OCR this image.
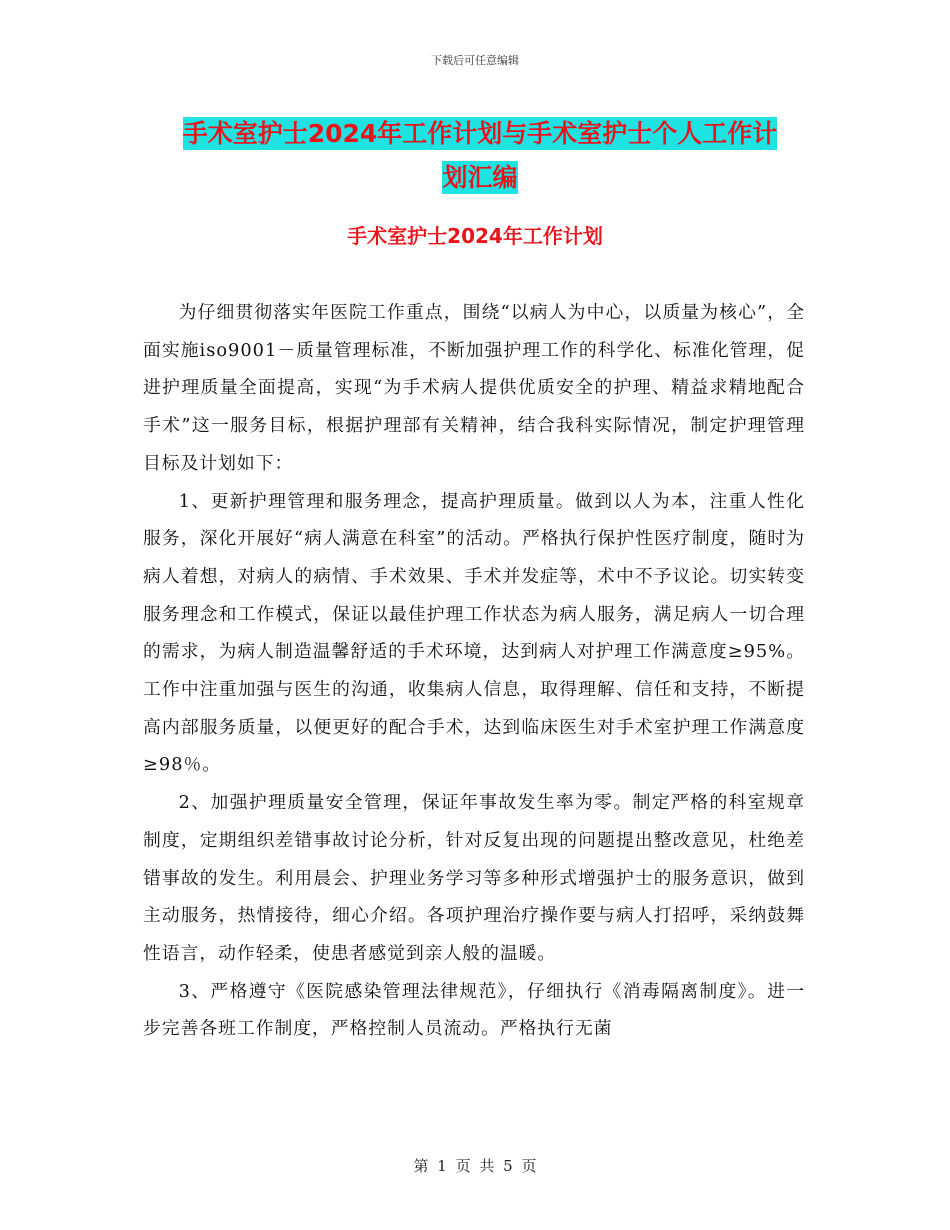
下载后可任意编辑
手术室护士2024年工作计划与手术室护士个人工作计
划汇编
手术室护士2024年工作计划

为仔细贯彻落实年医院工作重点，围绕“以病人为中心，以质量为核心”，全面实施iso9001－质量管理标准，不断加强护理工作的科学化、标准化管理，促进护理质量全面提高，实现“为手术病人提供优质安全的护理、精益求精地配合手术”这一服务目标，根据护理部有关精神，结合我科实际情况，制定护理管理目标及计划如下：

1、更新护理管理和服务理念，提高护理质量。做到以人为本，注重人性化服务，深化开展好“病人满意在科室”的活动。严格执行保护性医疗制度，随时为病人着想，对病人的病情、手术效果、手术并发症等，术中不予议论。切实转变服务理念和工作模式，保证以最佳护理工作状态为病人服务，满足病人一切合理的需求，为病人制造温馨舒适的手术环境，达到病人对护理工作满意度≥95%。工作中注重加强与医生的沟通，收集病人信息，取得理解、信任和支持，不断提高内部服务质量，以便更好的配合手术，达到临床医生对手术室护理工作满意度≥98％。

2、加强护理质量安全管理，保证年事故发生率为零。制定严格的科室规章制度，定期组织差错事故讨论分析，针对反复出现的问题提出整改意见，杜绝差错事故的发生。利用晨会、护理业务学习等多种形式增强护士的服务意识，做到主动服务，热情接待，细心介绍。各项护理治疗操作要与病人打招呼，采纳鼓舞性语言，动作轻柔，使患者感觉到亲人般的温暖。

3、严格遵守《医院感染管理法律规范》，仔细执行《消毒隔离制度》。进一步完善各班工作制度，严格控制人员流动。严格执行无菌

第 1 页 共 5 页
